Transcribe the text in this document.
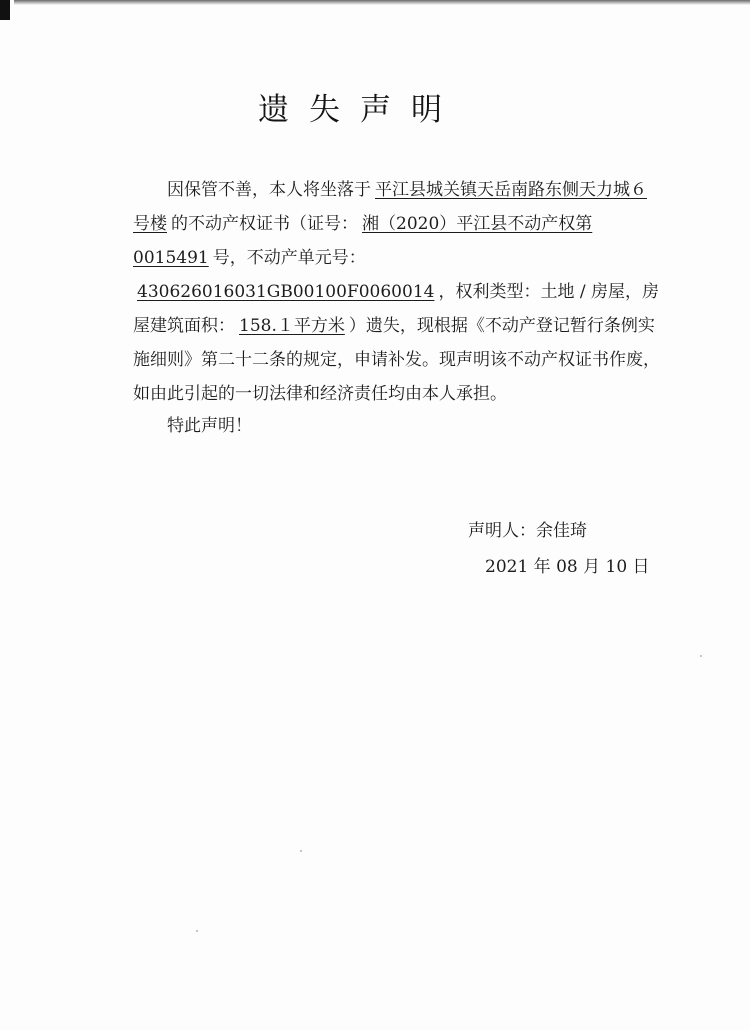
遗失声明

因保管不善，本人将坐落于 平江县城关镇天岳南路东侧天力城６号楼 的不动产权证书（证号： 湘（2020）平江县不动产权第 0015491 号，不动产单元号：430626016031GB00100F0060014 ，权利类型：土地 / 房屋，房屋建筑面积： 158.１平方米 ）遗失，现根据《不动产登记暂行条例实施细则》第二十二条的规定，申请补发。现声明该不动产权证书作废，如由此引起的一切法律和经济责任均由本人承担。

特此声明！

声明人：余佳琦

2021 年 08 月 10 日
